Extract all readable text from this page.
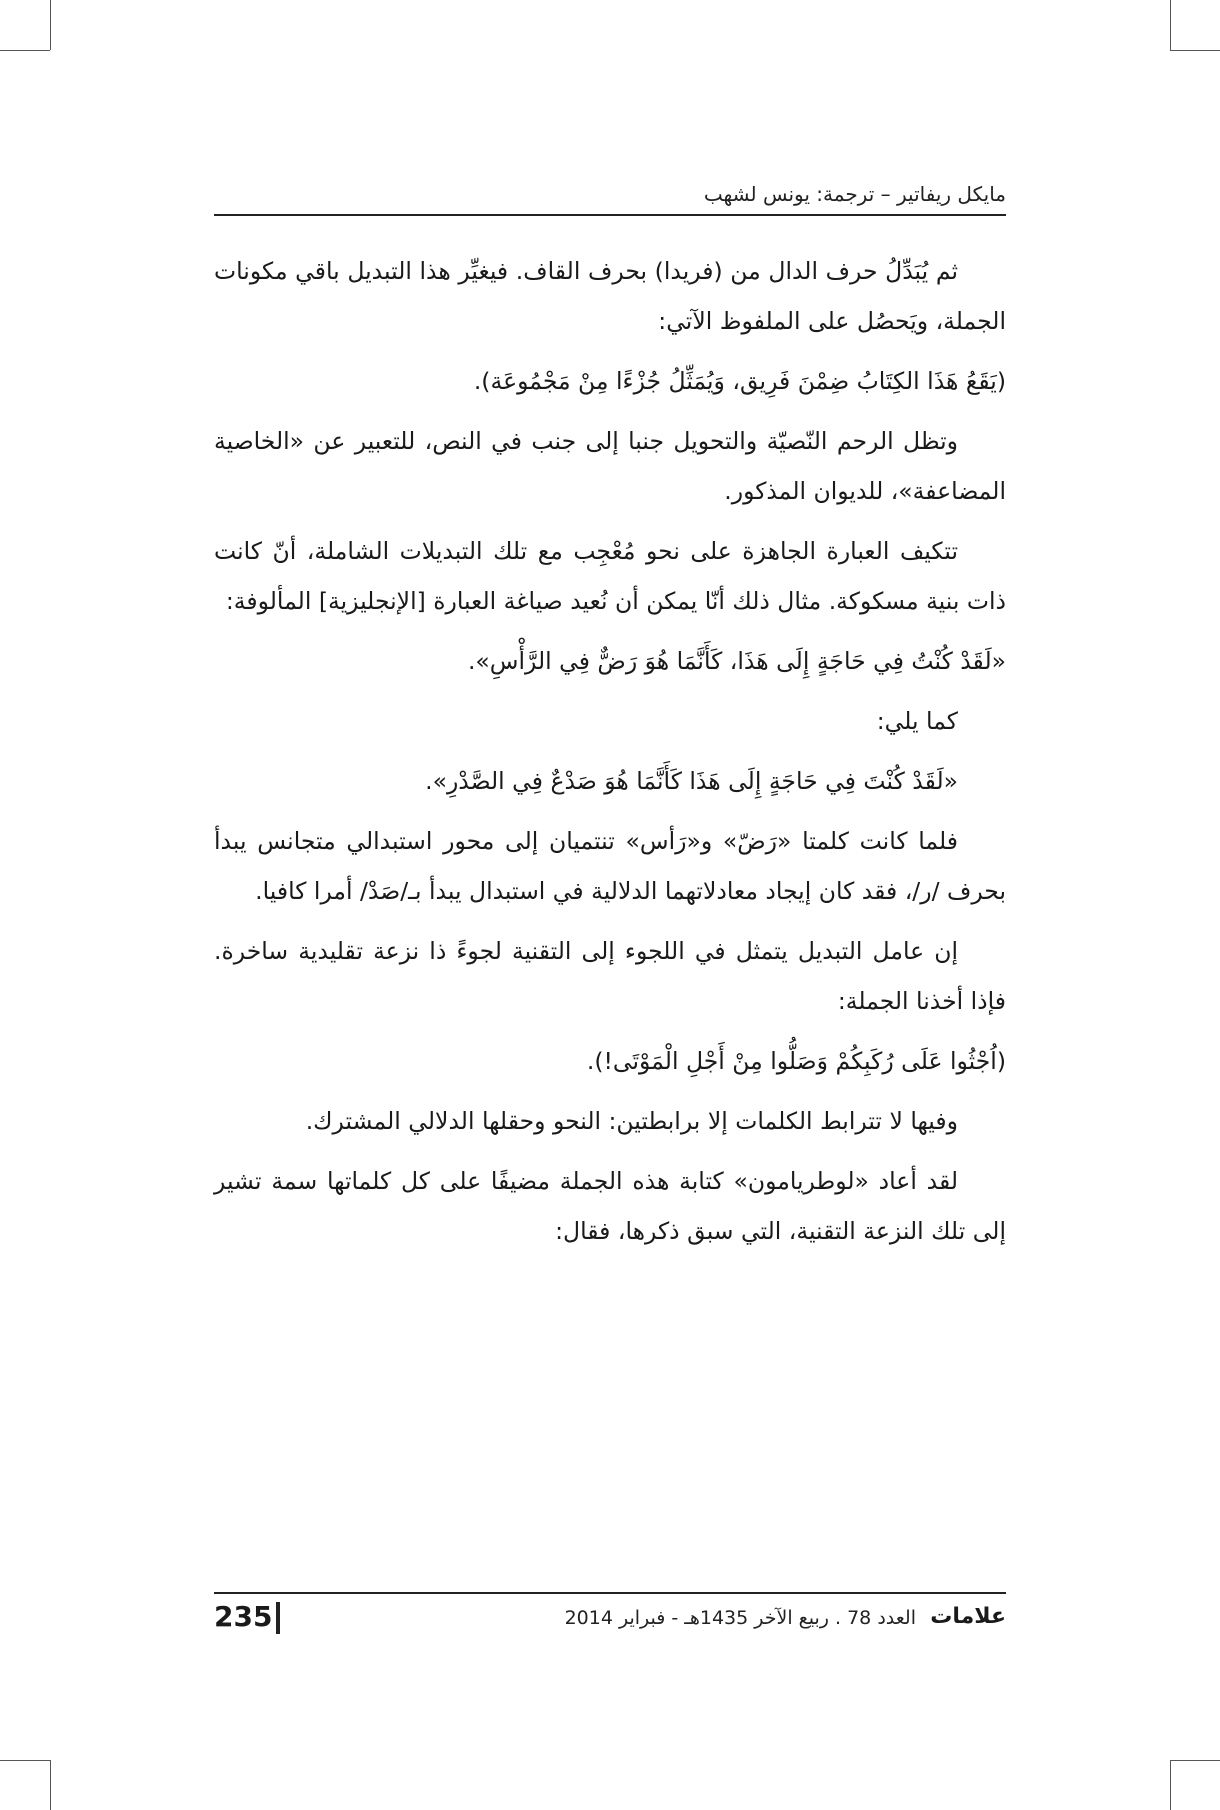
مايكل ريفاتير – ترجمة: يونس لشهب

ثم يُبَدِّلُ حرف الدال من (فريدا) بحرف القاف. فيغيِّر هذا التبديل باقي مكونات الجملة، ويَحصُل على الملفوظ الآتي:

(يَقَعُ هَذَا الكِتَابُ ضِمْنَ فَرِيق، وَيُمَثِّلُ جُزْءًا مِنْ مَجْمُوعَة).

وتظل الرحم النّصيّة والتحويل جنبا إلى جنب في النص، للتعبير عن «الخاصية المضاعفة»، للديوان المذكور.

تتكيف العبارة الجاهزة على نحو مُعْجِب مع تلك التبديلات الشاملة، أنّ كانت ذات بنية مسكوكة. مثال ذلك أنّا يمكن أن نُعيد صياغة العبارة [الإنجليزية] المألوفة:

«لَقَدْ كُنْتُ فِي حَاجَةٍ إِلَى هَذَا، كَأَنَّمَا هُوَ رَضٌّ فِي الرَّأْسِ».

كما يلي:

«لَقَدْ كُنْتَ فِي حَاجَةٍ إِلَى هَذَا كَأَنَّمَا هُوَ صَدْعٌ فِي الصَّدْرِ».

فلما كانت كلمتا «رَضّ» و«رَأس» تنتميان إلى محور استبدالي متجانس يبدأ بحرف /ر/، فقد كان إيجاد معادلاتهما الدلالية في استبدال يبدأ بـ/صَدْ/ أمرا كافيا.

إن عامل التبديل يتمثل في اللجوء إلى التقنية لجوءً ذا نزعة تقليدية ساخرة. فإذا أخذنا الجملة:

(اُجْثُوا عَلَى رُكَبِكُمْ وَصَلُّوا مِنْ أَجْلِ الْمَوْتَى!).

وفيها لا تترابط الكلمات إلا برابطتين: النحو وحقلها الدلالي المشترك.

لقد أعاد «لوطريامون» كتابة هذه الجملة مضيفًا على كل كلماتها سمة تشير إلى تلك النزعة التقنية، التي سبق ذكرها، فقال:

علامات
العدد 78 . ربيع الآخر 1435هـ - فبراير 2014
235
